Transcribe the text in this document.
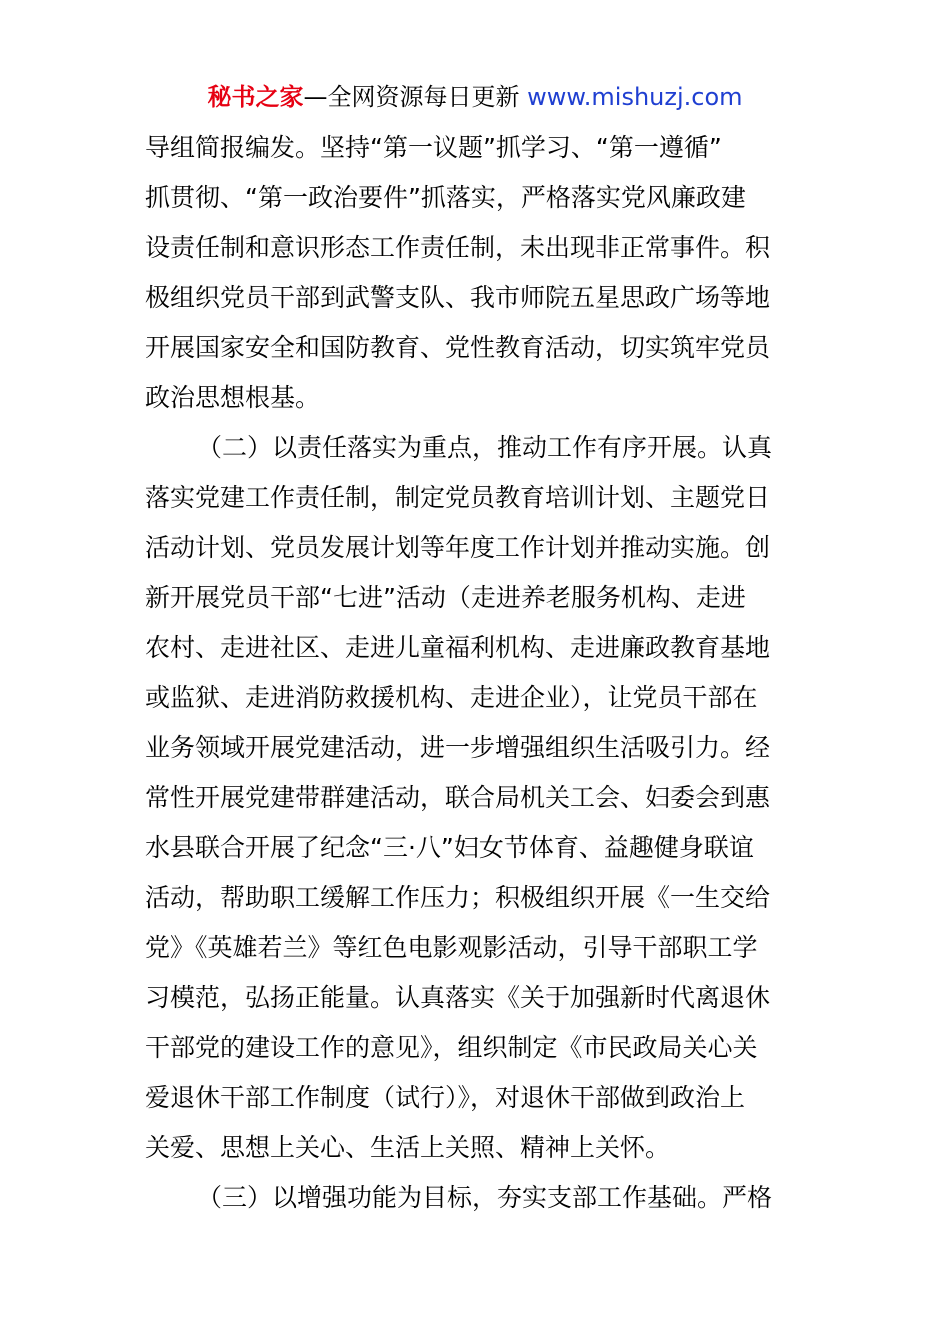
秘书之家—全网资源每日更新 www.mishuzj.com
导组简报编发。坚持“第一议题”抓学习、“第一遵循”
抓贯彻、“第一政治要件”抓落实，严格落实党风廉政建
设责任制和意识形态工作责任制，未出现非正常事件。积
极组织党员干部到武警支队、我市师院五星思政广场等地
开展国家安全和国防教育、党性教育活动，切实筑牢党员
政治思想根基。
（二）以责任落实为重点，推动工作有序开展。认真
落实党建工作责任制，制定党员教育培训计划、主题党日
活动计划、党员发展计划等年度工作计划并推动实施。创
新开展党员干部“七进”活动（走进养老服务机构、走进
农村、走进社区、走进儿童福利机构、走进廉政教育基地
或监狱、走进消防救援机构、走进企业），让党员干部在
业务领域开展党建活动，进一步增强组织生活吸引力。经
常性开展党建带群建活动，联合局机关工会、妇委会到惠
水县联合开展了纪念“三·八”妇女节体育、益趣健身联谊
活动，帮助职工缓解工作压力；积极组织开展《一生交给
党》《英雄若兰》等红色电影观影活动，引导干部职工学
习模范，弘扬正能量。认真落实《关于加强新时代离退休
干部党的建设工作的意见》，组织制定《市民政局关心关
爱退休干部工作制度（试行）》，对退休干部做到政治上
关爱、思想上关心、生活上关照、精神上关怀。
（三）以增强功能为目标，夯实支部工作基础。严格
